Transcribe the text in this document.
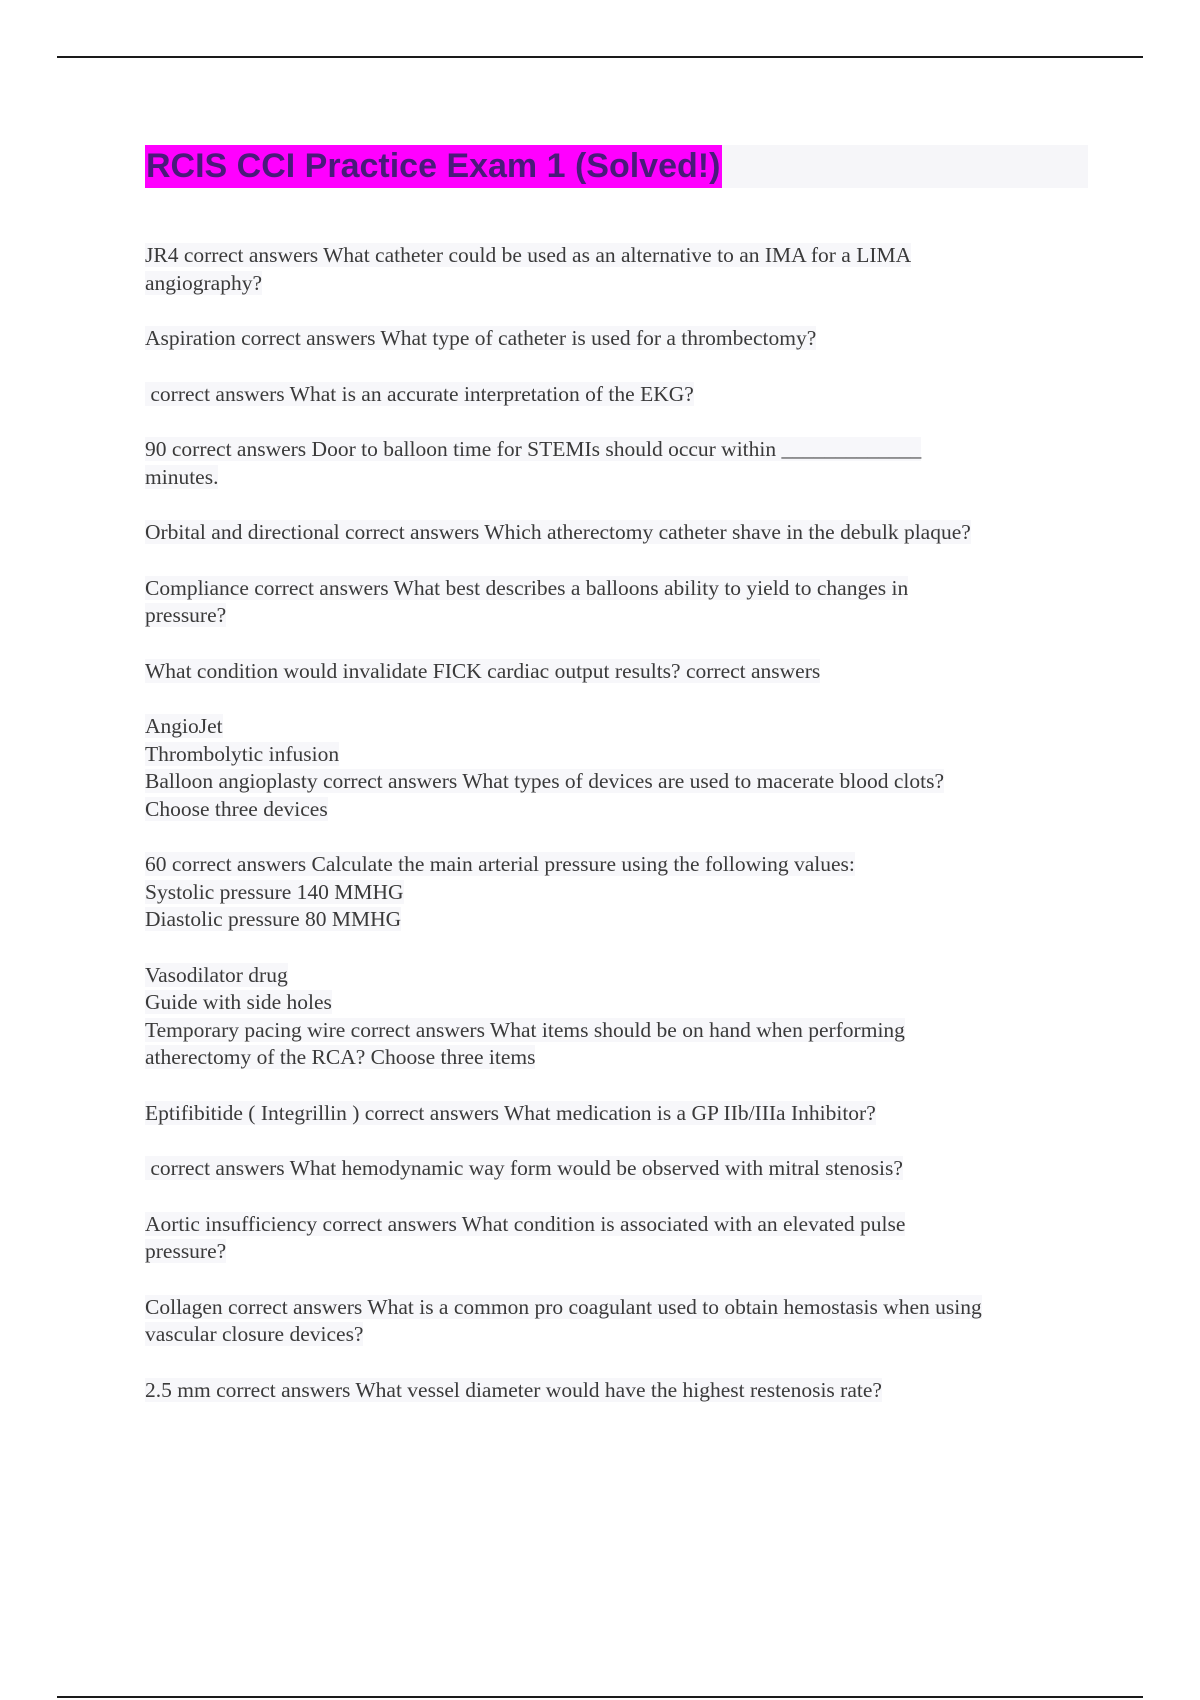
RCIS CCI Practice Exam 1 (Solved!)
JR4 correct answers What catheter could be used as an alternative to an IMA for a LIMA
angiography?
Aspiration correct answers What type of catheter is used for a thrombectomy?
correct answers What is an accurate interpretation of the EKG?
90 correct answers Door to balloon time for STEMIs should occur within _____________
minutes.
Orbital and directional correct answers Which atherectomy catheter shave in the debulk plaque?
Compliance correct answers What best describes a balloons ability to yield to changes in
pressure?
What condition would invalidate FICK cardiac output results? correct answers
AngioJet
Thrombolytic infusion
Balloon angioplasty correct answers What types of devices are used to macerate blood clots?
Choose three devices
60 correct answers Calculate the main arterial pressure using the following values:
Systolic pressure 140 MMHG
Diastolic pressure 80 MMHG
Vasodilator drug
Guide with side holes
Temporary pacing wire correct answers What items should be on hand when performing
atherectomy of the RCA? Choose three items
Eptifibitide ( Integrillin ) correct answers What medication is a GP IIb/IIIa Inhibitor?
correct answers What hemodynamic way form would be observed with mitral stenosis?
Aortic insufficiency correct answers What condition is associated with an elevated pulse
pressure?
Collagen correct answers What is a common pro coagulant used to obtain hemostasis when using
vascular closure devices?
2.5 mm correct answers What vessel diameter would have the highest restenosis rate?
